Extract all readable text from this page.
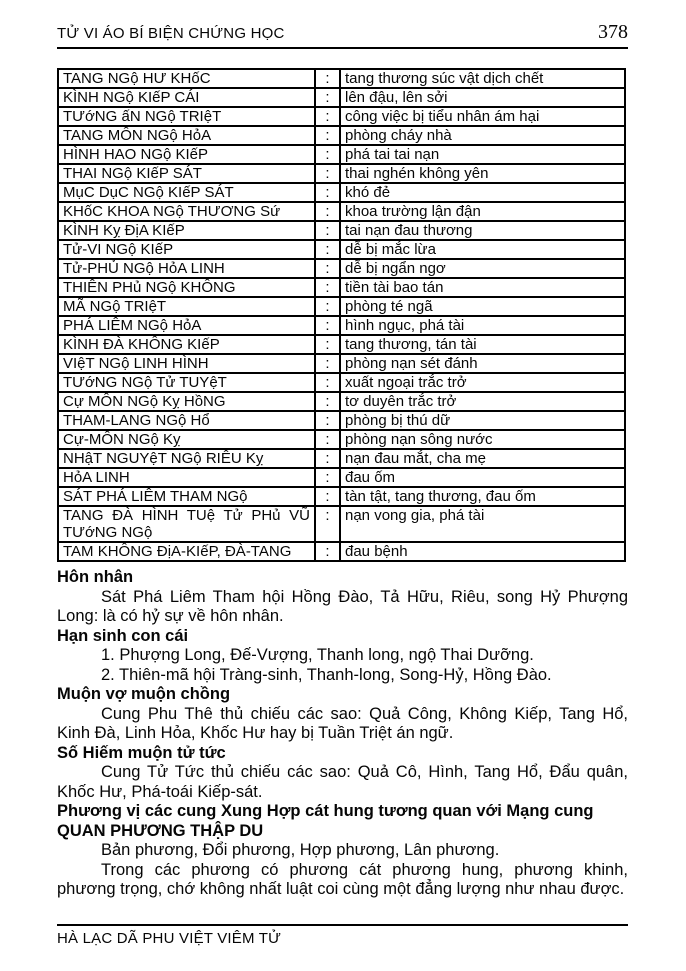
TỬ VI ÁO BÍ BIỆN CHỨNG HỌC	378
TANG NGộ HƯ KHốC	:	tang thương súc vật dịch chết
KÌNH NGộ KIếP CÁI	:	lên đậu, lên sởi
TƯớNG ấN NGộ TRIệT	:	công việc bị tiểu nhân ám hại
TANG MÔN NGộ HỏA	:	phòng cháy nhà
HÌNH HAO NGộ KIếP	:	phá tai tai nạn
THAI NGộ KIếP SÁT	:	thai nghén không yên
MụC DụC NGộ KIếP SÁT	:	khó đẻ
KHốC KHOA NGộ THƯƠNG Sứ	:	khoa trường lận đận
KÌNH Kỵ ĐịA KIếP	:	tai nạn đau thương
Tử-VI NGộ KIếP	:	dễ bị mắc lừa
Tử-PHỦ NGộ HỏA LINH	:	dễ bị ngẩn ngơ
THIÊN PHủ NGộ KHÔNG	:	tiền tài bao tán
MÃ NGộ TRIệT	:	phòng té ngã
PHÁ LIÊM NGộ HỏA	:	hình ngục, phá tài
KÌNH ĐÀ KHÔNG KIếP	:	tang thương, tán tài
VIệT NGộ LINH HÌNH	:	phòng nạn sét đánh
TƯớNG NGộ Tử TUYệT	:	xuất ngoại trắc trở
Cự MÔN NGộ Kỵ HồNG	:	tơ duyên trắc trở
THAM-LANG NGộ Hổ	:	phòng bị thú dữ
Cự-MÔN NGộ Kỵ	:	phòng nạn sông nước
NHậT NGUYệT NGộ RIÊU Kỵ	:	nạn đau mắt, cha mẹ
HỏA LINH	:	đau ốm
SÁT PHÁ LIÊM THAM NGộ	:	tàn tật, tang thương, đau ốm
TANG ĐÀ HÌNH TUệ Tử PHủ VŨ TƯớNG NGộ	:	nạn vong gia, phá tài
TAM KHÔNG ĐịA-KIếP, ĐÀ-TANG	:	đau bệnh
Hôn nhân

Sát Phá Liêm Tham hội Hồng Đào, Tả Hữu, Riêu, song Hỷ Phượng Long: là có hỷ sự về hôn nhân.

Hạn sinh con cái

1. Phượng Long, Đế-Vượng, Thanh long, ngộ Thai Dưỡng.

2. Thiên-mã hội Tràng-sinh, Thanh-long, Song-Hỷ, Hồng Đào.

Muộn vợ muộn chồng

Cung Phu Thê thủ chiếu các sao: Quả Công, Không Kiếp, Tang Hổ, Kinh Đà, Linh Hỏa, Khốc Hư hay bị Tuần Triệt án ngữ.

Số Hiếm muộn tử tức

Cung Tử Tức thủ chiếu các sao: Quả Cô, Hình, Tang Hổ, Đẩu quân, Khốc Hư, Phá-toái Kiếp-sát.

Phương vị các cung Xung Hợp cát hung tương quan với Mạng cung
QUAN PHƯƠNG THẬP DU

Bản phương, Đổi phương, Hợp phương, Lân phương.

Trong các phương có phương cát phương hung, phương khinh, phương trọng, chớ không nhất luật coi cùng một đẳng lượng như nhau được.

HÀ LẠC DÃ PHU VIỆT VIÊM TỬ
